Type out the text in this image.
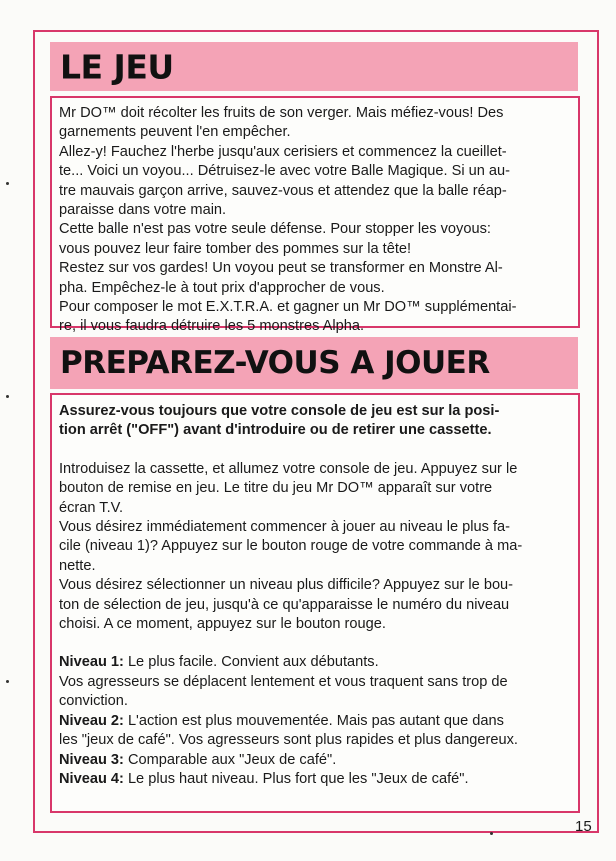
LE JEU
Mr DO™ doit récolter les fruits de son verger. Mais méfiez-vous! Des
garnements peuvent l'en empêcher.
Allez-y! Fauchez l'herbe jusqu'aux cerisiers et commencez la cueillet-
te... Voici un voyou... Détruisez-le avec votre Balle Magique. Si un au-
tre mauvais garçon arrive, sauvez-vous et attendez que la balle réap-
paraisse dans votre main.
Cette balle n'est pas votre seule défense. Pour stopper les voyous:
vous pouvez leur faire tomber des pommes sur la tête!
Restez sur vos gardes! Un voyou peut se transformer en Monstre Al-
pha. Empêchez-le à tout prix d'approcher de vous.
Pour composer le mot E.X.T.R.A. et gagner un Mr DO™ supplémentai-
re, il vous faudra détruire les 5 monstres Alpha.
PREPAREZ-VOUS A JOUER
Assurez-vous toujours que votre console de jeu est sur la posi-
tion arrêt ("OFF") avant d'introduire ou de retirer une cassette.
Introduisez la cassette, et allumez votre console de jeu. Appuyez sur le
bouton de remise en jeu. Le titre du jeu Mr DO™ apparaît sur votre
écran T.V.
Vous désirez immédiatement commencer à jouer au niveau le plus fa-
cile (niveau 1)? Appuyez sur le bouton rouge de votre commande à ma-
nette.
Vous désirez sélectionner un niveau plus difficile? Appuyez sur le bou-
ton de sélection de jeu, jusqu'à ce qu'apparaisse le numéro du niveau
choisi. A ce moment, appuyez sur le bouton rouge.
Niveau 1: Le plus facile. Convient aux débutants.
Vos agresseurs se déplacent lentement et vous traquent sans trop de
conviction.
Niveau 2: L'action est plus mouvementée. Mais pas autant que dans
les "jeux de café". Vos agresseurs sont plus rapides et plus dangereux.
Niveau 3: Comparable aux "Jeux de café".
Niveau 4: Le plus haut niveau. Plus fort que les "Jeux de café".
15
